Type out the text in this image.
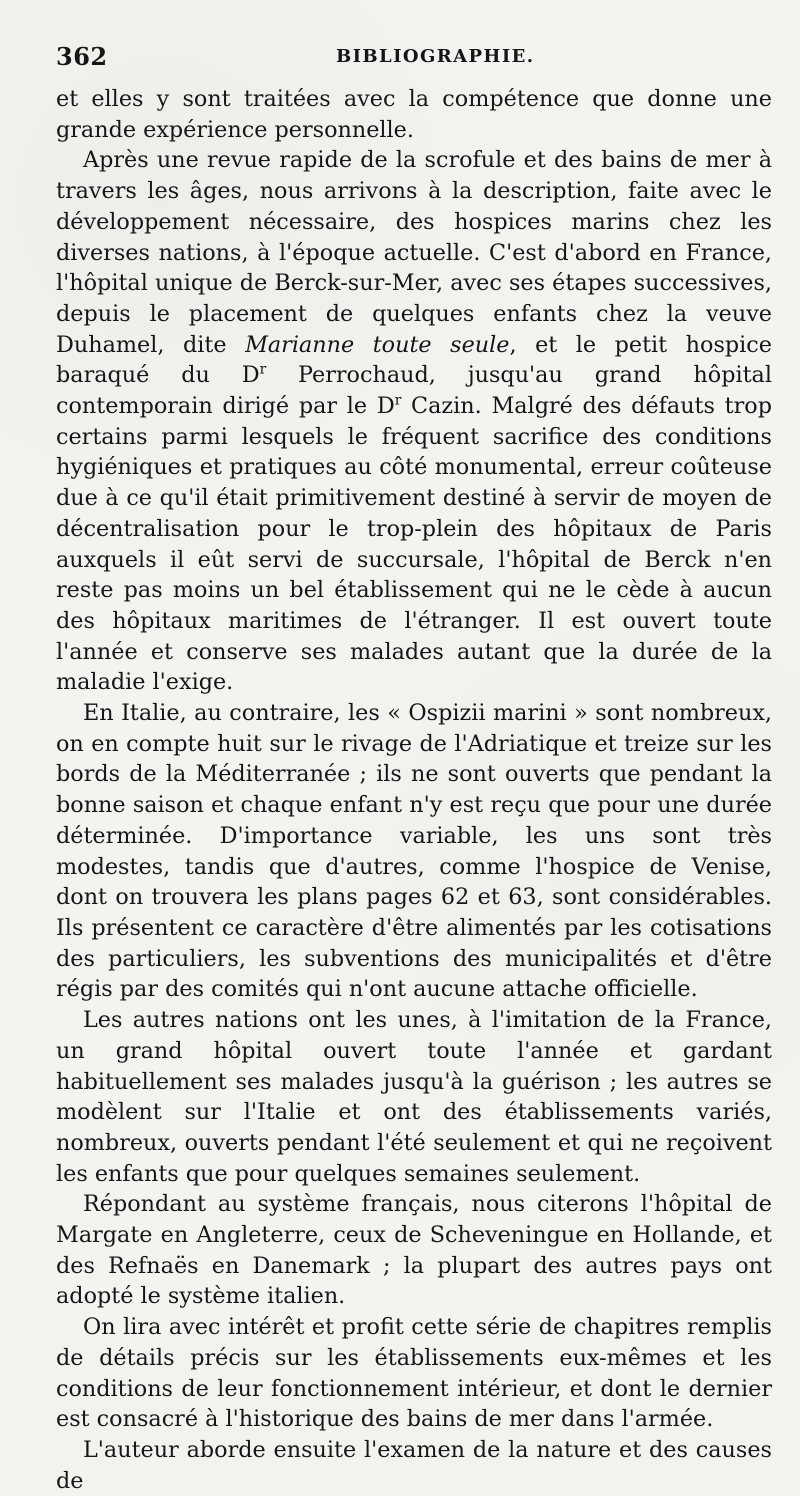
362	BIBLIOGRAPHIE.

et elles y sont traitées avec la compétence que donne une grande expérience personnelle.

Après une revue rapide de la scrofule et des bains de mer à travers les âges, nous arrivons à la description, faite avec le développement nécessaire, des hospices marins chez les diverses nations, à l'époque actuelle. C'est d'abord en France, l'hôpital unique de Berck-sur-Mer, avec ses étapes successives, depuis le placement de quelques enfants chez la veuve Duhamel, dite Marianne toute seule, et le petit hospice baraqué du $D^r$ Perrochaud, jusqu'au grand hôpital contemporain dirigé par le $D^r$ Cazin. Malgré des défauts trop certains parmi lesquels le fréquent sacrifice des conditions hygiéniques et pratiques au côté monumental, erreur coûteuse due à ce qu'il était primitivement destiné à servir de moyen de décentralisation pour le trop-plein des hôpitaux de Paris auxquels il eût servi de succursale, l'hôpital de Berck n'en reste pas moins un bel établissement qui ne le cède à aucun des hôpitaux maritimes de l'étranger. Il est ouvert toute l'année et conserve ses malades autant que la durée de la maladie l'exige.

En Italie, au contraire, les « Ospizii marini » sont nombreux, on en compte huit sur le rivage de l'Adriatique et treize sur les bords de la Méditerranée ; ils ne sont ouverts que pendant la bonne saison et chaque enfant n'y est reçu que pour une durée déterminée. D'importance variable, les uns sont très modestes, tandis que d'autres, comme l'hospice de Venise, dont on trouvera les plans pages 62 et 63, sont considérables. Ils présentent ce caractère d'être alimentés par les cotisations des particuliers, les subventions des municipalités et d'être régis par des comités qui n'ont aucune attache officielle.

Les autres nations ont les unes, à l'imitation de la France, un grand hôpital ouvert toute l'année et gardant habituellement ses malades jusqu'à la guérison ; les autres se modèlent sur l'Italie et ont des établissements variés, nombreux, ouverts pendant l'été seulement et qui ne reçoivent les enfants que pour quelques semaines seulement.

Répondant au système français, nous citerons l'hôpital de Margate en Angleterre, ceux de Scheveningue en Hollande, et des Refnaës en Danemark ; la plupart des autres pays ont adopté le système italien.

On lira avec intérêt et profit cette série de chapitres remplis de détails précis sur les établissements eux-mêmes et les conditions de leur fonctionnement intérieur, et dont le dernier est consacré à l'historique des bains de mer dans l'armée.

L'auteur aborde ensuite l'examen de la nature et des causes de
